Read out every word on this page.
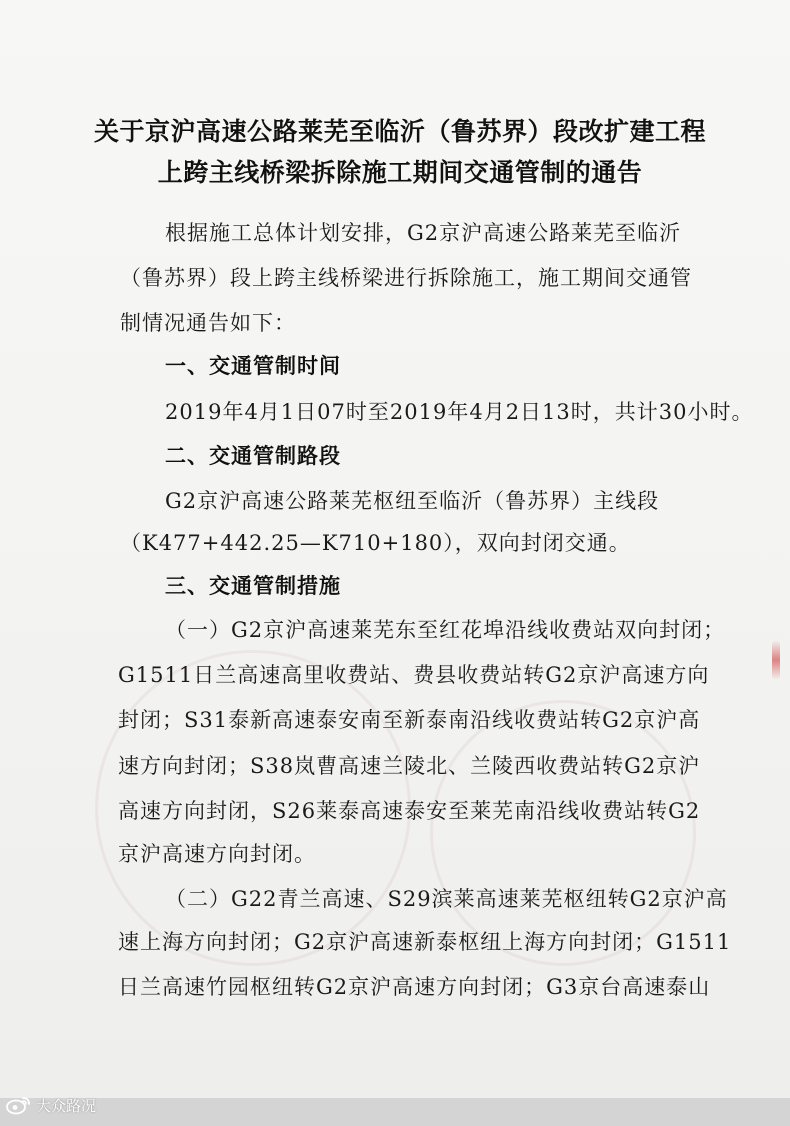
关于京沪高速公路莱芜至临沂（鲁苏界）段改扩建工程
上跨主线桥梁拆除施工期间交通管制的通告
根据施工总体计划安排，G2京沪高速公路莱芜至临沂
（鲁苏界）段上跨主线桥梁进行拆除施工，施工期间交通管
制情况通告如下：
一、交通管制时间
2019年4月1日07时至2019年4月2日13时，共计30小时。
二、交通管制路段
G2京沪高速公路莱芜枢纽至临沂（鲁苏界）主线段
（K477+442.25—K710+180），双向封闭交通。
三、交通管制措施
（一）G2京沪高速莱芜东至红花埠沿线收费站双向封闭；
G1511日兰高速高里收费站、费县收费站转G2京沪高速方向
封闭；S31泰新高速泰安南至新泰南沿线收费站转G2京沪高
速方向封闭；S38岚曹高速兰陵北、兰陵西收费站转G2京沪
高速方向封闭，S26莱泰高速泰安至莱芜南沿线收费站转G2
京沪高速方向封闭。
（二）G22青兰高速、S29滨莱高速莱芜枢纽转G2京沪高
速上海方向封闭；G2京沪高速新泰枢纽上海方向封闭；G1511
日兰高速竹园枢纽转G2京沪高速方向封闭；G3京台高速泰山
大众路况
